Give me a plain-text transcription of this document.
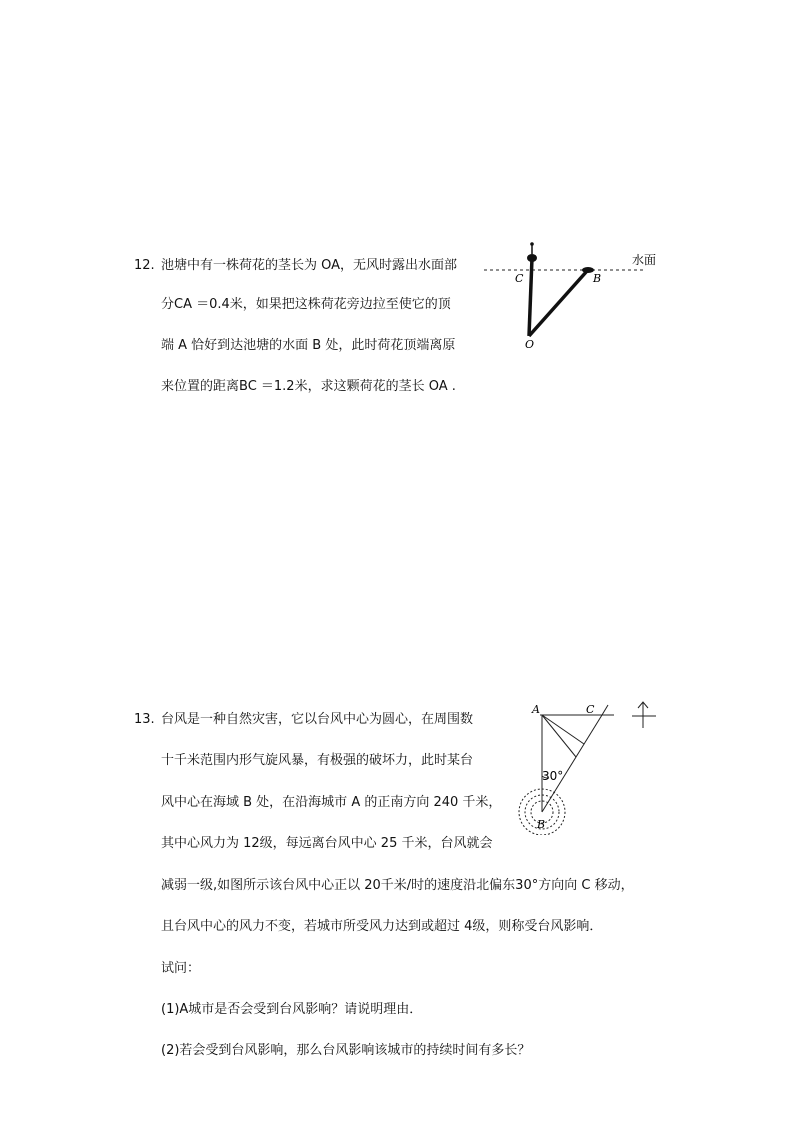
12. 池塘中有一株荷花的茎长为 OA，无风时露出水面部
分CA ＝0.4米，如果把这株荷花旁边拉至使它的顶
端 A 恰好到达池塘的水面 B 处，此时荷花顶端离原
来位置的距离BC ＝1.2米，求这颗荷花的茎长 OA .
水面
C	B
O
13. 台风是一种自然灾害，它以台风中心为圆心，在周围数
十千米范围内形气旋风暴，有极强的破坏力，此时某台
风中心在海域 B 处，在沿海城市 A 的正南方向 240 千米，
其中心风力为 12级，每远离台风中心 25 千米，台风就会
减弱一级,如图所示该台风中心正以 20千米/时的速度沿北偏东30°方向向 C 移动，
且台风中心的风力不变，若城市所受风力达到或超过 4级，则称受台风影响．
试问：
(1)A城市是否会受到台风影响？请说明理由．
(2)若会受到台风影响，那么台风影响该城市的持续时间有多长？
30°
A	C
B
